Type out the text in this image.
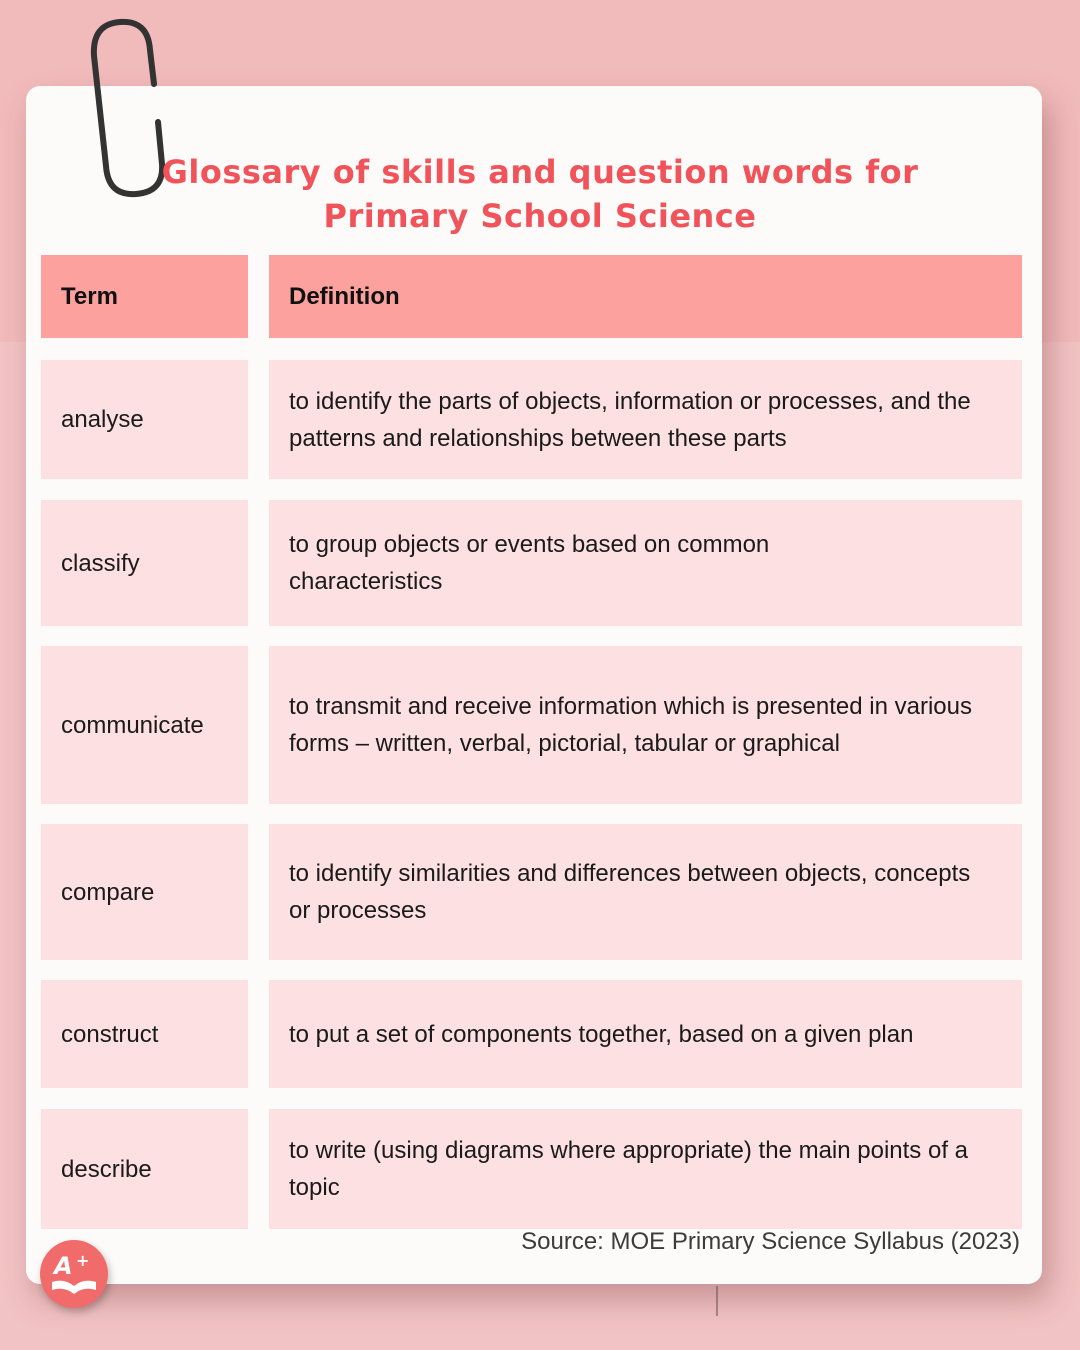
Glossary of skills and question words for
Primary School Science
Term	Definition
analyse
to identify the parts of objects, information or processes, and the patterns and relationships between these parts
classify
to group objects or events based on common characteristics
communicate
to transmit and receive information which is presented in various forms – written, verbal, pictorial, tabular or graphical
compare
to identify similarities and differences between objects, concepts or processes
construct	to put a set of components together, based on a given plan
describe
to write (using diagrams where appropriate) the main points of a topic
Source: MOE Primary Science Syllabus (2023)
A +
